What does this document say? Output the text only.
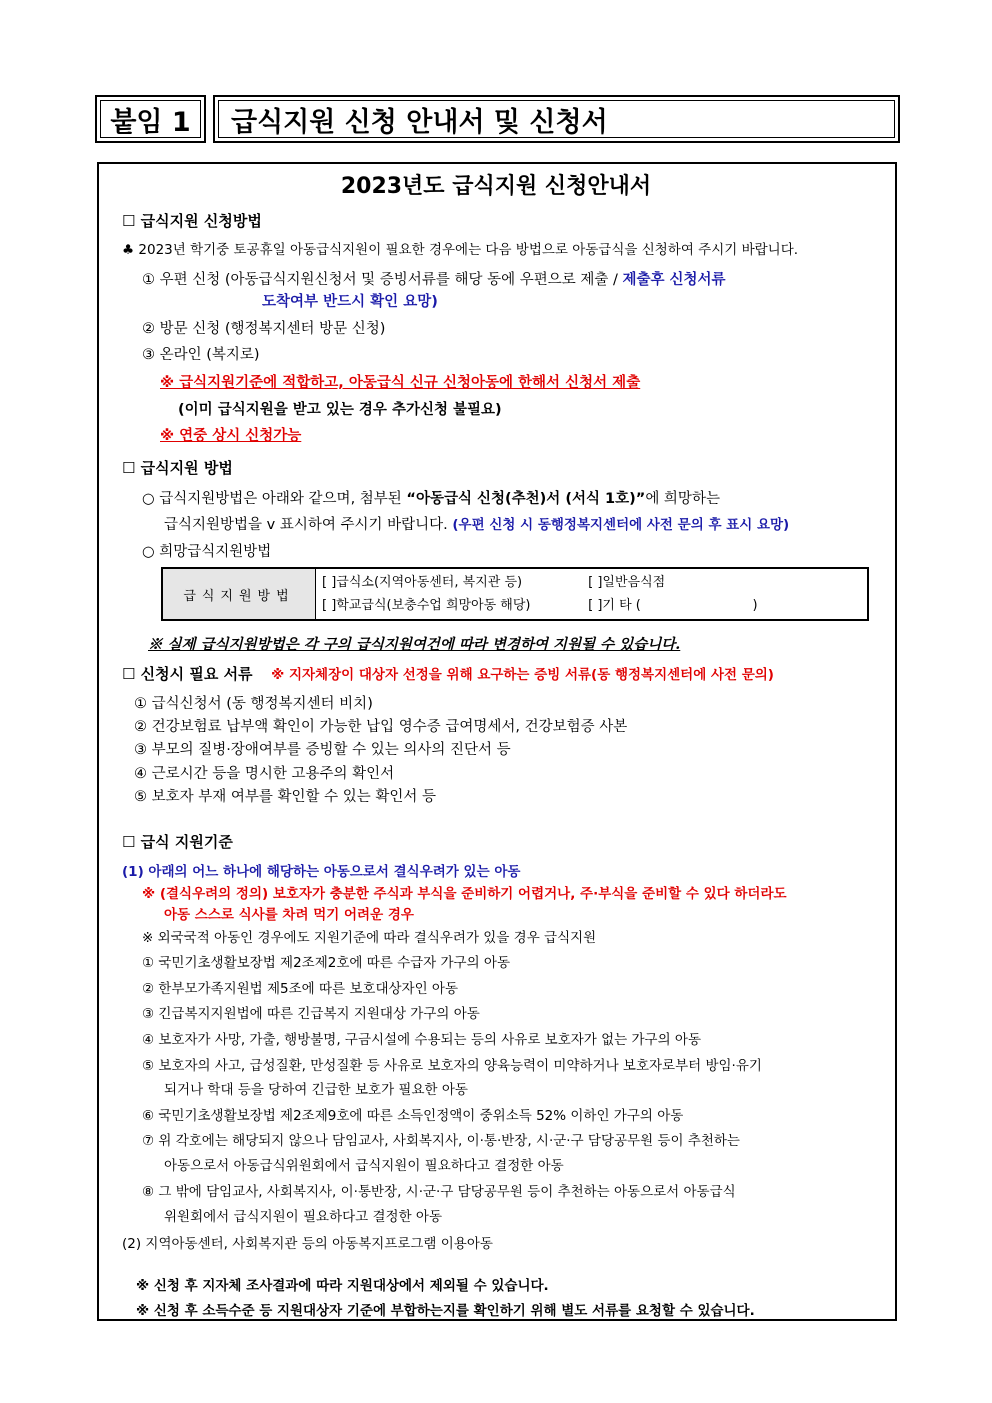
붙임 1 급식지원 신청 안내서 및 신청서
2023년도 급식지원 신청안내서
☐ 급식지원 신청방법
♣ 2023년 학기중 토공휴일 아동급식지원이 필요한 경우에는 다음 방법으로 아동급식을 신청하여 주시기 바랍니다.
① 우편 신청 (아동급식지원신청서 및 증빙서류를 해당 동에 우편으로 제출 / 제출후 신청서류
도착여부 반드시 확인 요망)
② 방문 신청 (행정복지센터 방문 신청)
③ 온라인 (복지로)
※ 급식지원기준에 적합하고, 아동급식 신규 신청아동에 한해서 신청서 제출
(이미 급식지원을 받고 있는 경우 추가신청 불필요)
※ 연중 상시 신청가능
☐ 급식지원 방법
○ 급식지원방법은 아래와 같으며, 첨부된 “아동급식 신청(추천)서 (서식 1호)”에 희망하는
급식지원방법을 v 표시하여 주시기 바랍니다. (우편 신청 시 동행정복지센터에 사전 문의 후 표시 요망)
○ 희망급식지원방법
급식지원방법	
[ ]급식소(지역아동센터, 복지관 등)	[ ]일반음식점
[ ]학교급식(보충수업 희망아동 해당)	[ ]기 타 (                           )
※ 실제 급식지원방법은 각 구의 급식지원여건에 따라 변경하여 지원될 수 있습니다.
☐ 신청시 필요 서류 ※ 지자체장이 대상자 선정을 위해 요구하는 증빙 서류(동 행정복지센터에 사전 문의)
① 급식신청서 (동 행정복지센터 비치)
② 건강보험료 납부액 확인이 가능한 납입 영수증 급여명세서, 건강보험증 사본
③ 부모의 질병·장애여부를 증빙할 수 있는 의사의 진단서 등
④ 근로시간 등을 명시한 고용주의 확인서
⑤ 보호자 부재 여부를 확인할 수 있는 확인서 등
☐ 급식 지원기준
(1) 아래의 어느 하나에 해당하는 아동으로서 결식우려가 있는 아동
※ (결식우려의 정의) 보호자가 충분한 주식과 부식을 준비하기 어렵거나, 주·부식을 준비할 수 있다 하더라도
아동 스스로 식사를 차려 먹기 어려운 경우
※ 외국국적 아동인 경우에도 지원기준에 따라 결식우려가 있을 경우 급식지원
① 국민기초생활보장법 제2조제2호에 따른 수급자 가구의 아동
② 한부모가족지원법 제5조에 따른 보호대상자인 아동
③ 긴급복지지원법에 따른 긴급복지 지원대상 가구의 아동
④ 보호자가 사망, 가출, 행방불명, 구금시설에 수용되는 등의 사유로 보호자가 없는 가구의 아동
⑤ 보호자의 사고, 급성질환, 만성질환 등 사유로 보호자의 양육능력이 미약하거나 보호자로부터 방임·유기
되거나 학대 등을 당하여 긴급한 보호가 필요한 아동
⑥ 국민기초생활보장법 제2조제9호에 따른 소득인정액이 중위소득 52% 이하인 가구의 아동
⑦ 위 각호에는 해당되지 않으나 담임교사, 사회복지사, 이·통·반장, 시·군·구 담당공무원 등이 추천하는
아동으로서 아동급식위원회에서 급식지원이 필요하다고 결정한 아동
⑧ 그 밖에 담임교사, 사회복지사, 이·통반장, 시·군·구 담당공무원 등이 추천하는 아동으로서 아동급식
위원회에서 급식지원이 필요하다고 결정한 아동
(2) 지역아동센터, 사회복지관 등의 아동복지프로그램 이용아동
※ 신청 후 지자체 조사결과에 따라 지원대상에서 제외될 수 있습니다.
※ 신청 후 소득수준 등 지원대상자 기준에 부합하는지를 확인하기 위해 별도 서류를 요청할 수 있습니다.
